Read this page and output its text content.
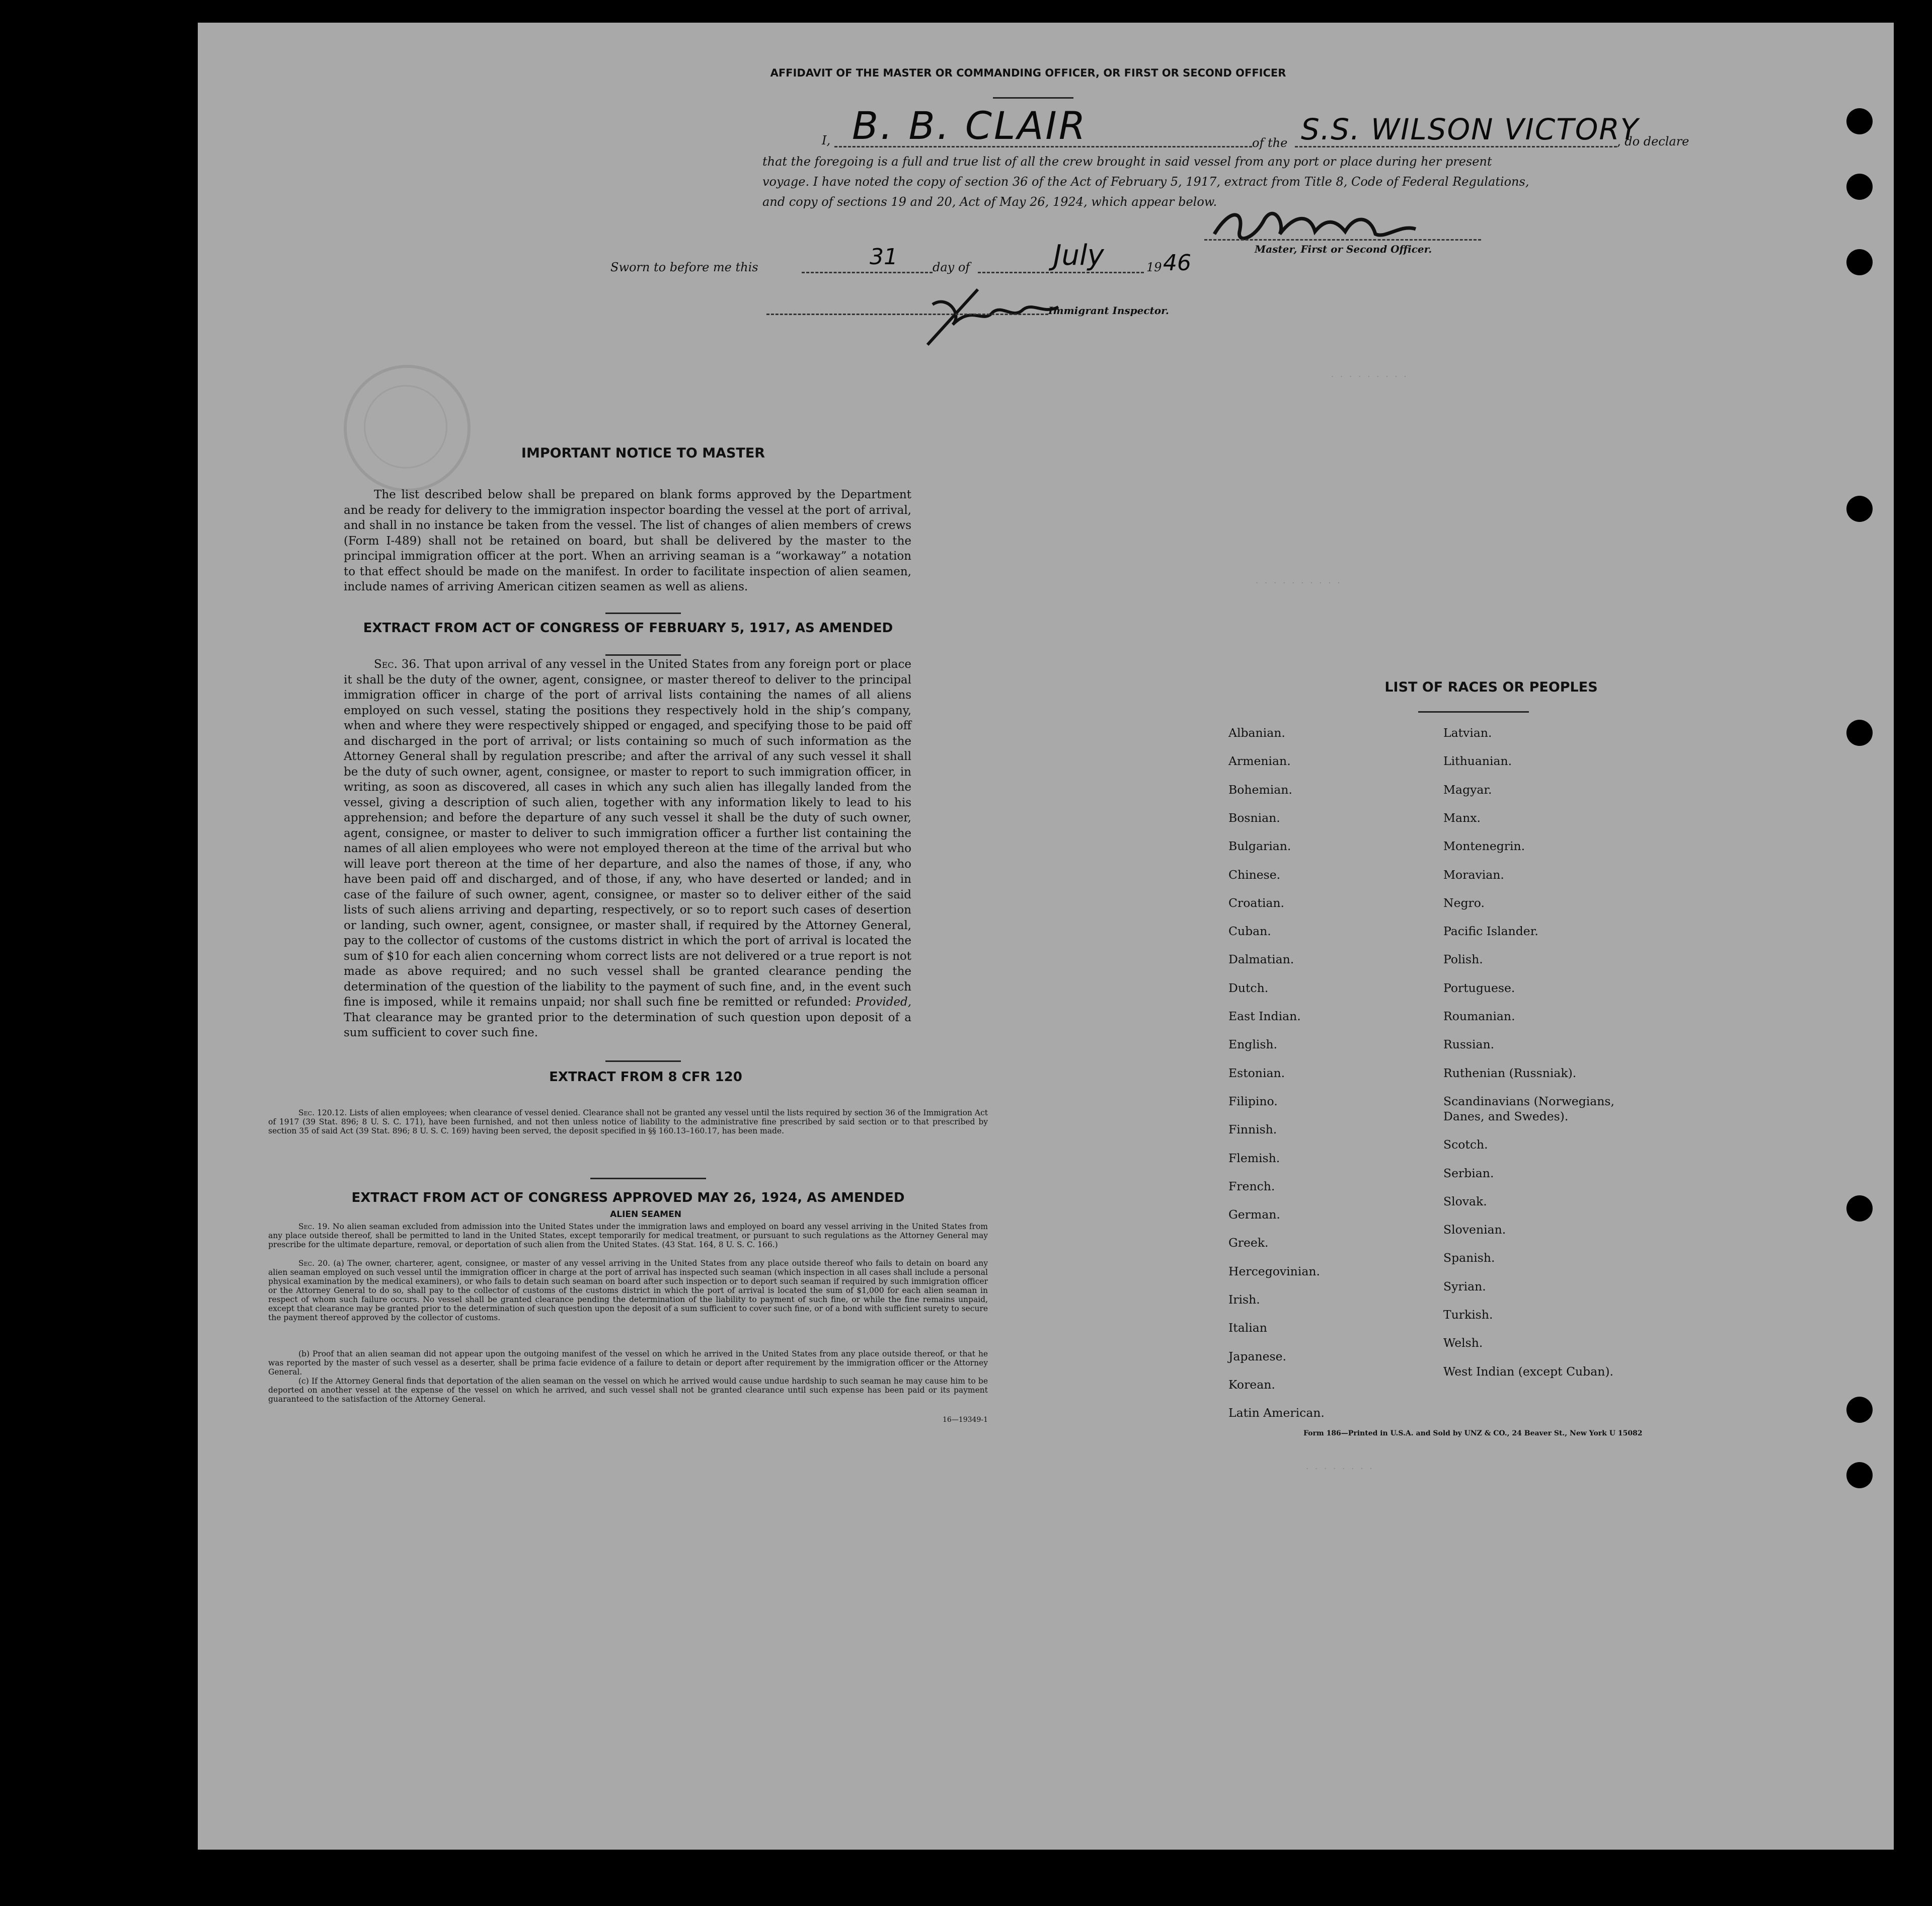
AFFIDAVIT OF THE MASTER OR COMMANDING OFFICER, OR FIRST OR SECOND OFFICER
I, B. B. CLAIR	of the S.S. WILSON VICTORY
, do declare
that the foregoing is a full and true list of all the crew brought in said vessel from any port or place during her present
voyage. I have noted the copy of section 36 of the Act of February 5, 1917, extract from Title 8, Code of Federal Regulations,
and copy of sections 19 and 20, Act of May 26, 1924, which appear below.
Master, First or Second Officer.
Sworn to before me this	31	day of	July	19 46
Immigrant Inspector.
. . . . . . . . .
. . . . . . . . . .
. . . . . . . .
IMPORTANT NOTICE TO MASTER
The list described below shall be prepared on blank forms approved by the Department and be ready for delivery to the immigration inspector boarding the vessel at the port of arrival, and shall in no instance be taken from the vessel. The list of changes of alien members of crews (Form I-489) shall not be retained on board, but shall be delivered by the master to the principal immigration officer at the port. When an arriving seaman is a “workaway” a notation to that effect should be made on the manifest. In order to facilitate inspection of alien seamen, include names of arriving American citizen seamen as well as aliens.
EXTRACT FROM ACT OF CONGRESS OF FEBRUARY 5, 1917, AS AMENDED
Sec. 36. That upon arrival of any vessel in the United States from any foreign port or place it shall be the duty of the owner, agent, consignee, or master thereof to deliver to the principal immigration officer in charge of the port of arrival lists containing the names of all aliens employed on such vessel, stating the positions they respectively hold in the ship’s company, when and where they were respectively shipped or engaged, and specifying those to be paid off and discharged in the port of arrival; or lists containing so much of such information as the Attorney General shall by regulation prescribe; and after the arrival of any such vessel it shall be the duty of such owner, agent, consignee, or master to report to such immigration officer, in writing, as soon as discovered, all cases in which any such alien has illegally landed from the vessel, giving a description of such alien, together with any information likely to lead to his apprehension; and before the departure of any such vessel it shall be the duty of such owner, agent, consignee, or master to deliver to such immigration officer a further list containing the names of all alien employees who were not employed thereon at the time of the arrival but who will leave port thereon at the time of her departure, and also the names of those, if any, who have been paid off and discharged, and of those, if any, who have deserted or landed; and in case of the failure of such owner, agent, consignee, or master so to deliver either of the said lists of such aliens arriving and departing, respectively, or so to report such cases of desertion or landing, such owner, agent, consignee, or master shall, if required by the Attorney General, pay to the collector of customs of the customs district in which the port of arrival is located the sum of $10 for each alien concerning whom correct lists are not delivered or a true report is not made as above required; and no such vessel shall be granted clearance pending the determination of the question of the liability to the payment of such fine, and, in the event such fine is imposed, while it remains unpaid; nor shall such fine be remitted or refunded: Provided, That clearance may be granted prior to the determination of such question upon deposit of a sum sufficient to cover such fine.
EXTRACT FROM 8 CFR 120
Sec. 120.12. Lists of alien employees; when clearance of vessel denied. Clearance shall not be granted any vessel until the lists required by section 36 of the Immigration Act of 1917 (39 Stat. 896; 8 U. S. C. 171), have been furnished, and not then unless notice of liability to the administrative fine prescribed by said section or to that prescribed by section 35 of said Act (39 Stat. 896; 8 U. S. C. 169) having been served, the deposit specified in §§ 160.13–160.17, has been made.
EXTRACT FROM ACT OF CONGRESS APPROVED MAY 26, 1924, AS AMENDED
ALIEN SEAMEN
Sec. 19. No alien seaman excluded from admission into the United States under the immigration laws and employed on board any vessel arriving in the United States from any place outside thereof, shall be permitted to land in the United States, except temporarily for medical treatment, or pursuant to such regulations as the Attorney General may prescribe for the ultimate departure, removal, or deportation of such alien from the United States. (43 Stat. 164, 8 U. S. C. 166.)
Sec. 20. (a) The owner, charterer, agent, consignee, or master of any vessel arriving in the United States from any place outside thereof who fails to detain on board any alien seaman employed on such vessel until the immigration officer in charge at the port of arrival has inspected such seaman (which inspection in all cases shall include a personal physical examination by the medical examiners), or who fails to detain such seaman on board after such inspection or to deport such seaman if required by such immigration officer or the Attorney General to do so, shall pay to the collector of customs of the customs district in which the port of arrival is located the sum of $1,000 for each alien seaman in respect of whom such failure occurs. No vessel shall be granted clearance pending the determination of the liability to payment of such fine, or while the fine remains unpaid, except that clearance may be granted prior to the determination of such question upon the deposit of a sum sufficient to cover such fine, or of a bond with sufficient surety to secure the payment thereof approved by the collector of customs.
(b) Proof that an alien seaman did not appear upon the outgoing manifest of the vessel on which he arrived in the United States from any place outside thereof, or that he was reported by the master of such vessel as a deserter, shall be prima facie evidence of a failure to detain or deport after requirement by the immigration officer or the Attorney General.
(c) If the Attorney General finds that deportation of the alien seaman on the vessel on which he arrived would cause undue hardship to such seaman he may cause him to be deported on another vessel at the expense of the vessel on which he arrived, and such vessel shall not be granted clearance until such expense has been paid or its payment guaranteed to the satisfaction of the Attorney General.
16—19349-1
LIST OF RACES OR PEOPLES
Form 186—Printed in U.S.A. and Sold by UNZ & CO., 24 Beaver St., New York U 15082
Albanian.
Armenian.
Bohemian.
Bosnian.
Bulgarian.
Chinese.
Croatian.
Cuban.
Dalmatian.
Dutch.
East Indian.
English.
Estonian.
Filipino.
Finnish.
Flemish.
French.
German.
Greek.
Hercegovinian.
Irish.
Italian
Japanese.
Korean.
Latin American.
Latvian.
Lithuanian.
Magyar.
Manx.
Montenegrin.
Moravian.
Negro.
Pacific Islander.
Polish.
Portuguese.
Roumanian.
Russian.
Ruthenian (Russniak).
Scandinavians (Norwegians,
Danes, and Swedes).
Scotch.
Serbian.
Slovak.
Slovenian.
Spanish.
Syrian.
Turkish.
Welsh.
West Indian (except Cuban).
